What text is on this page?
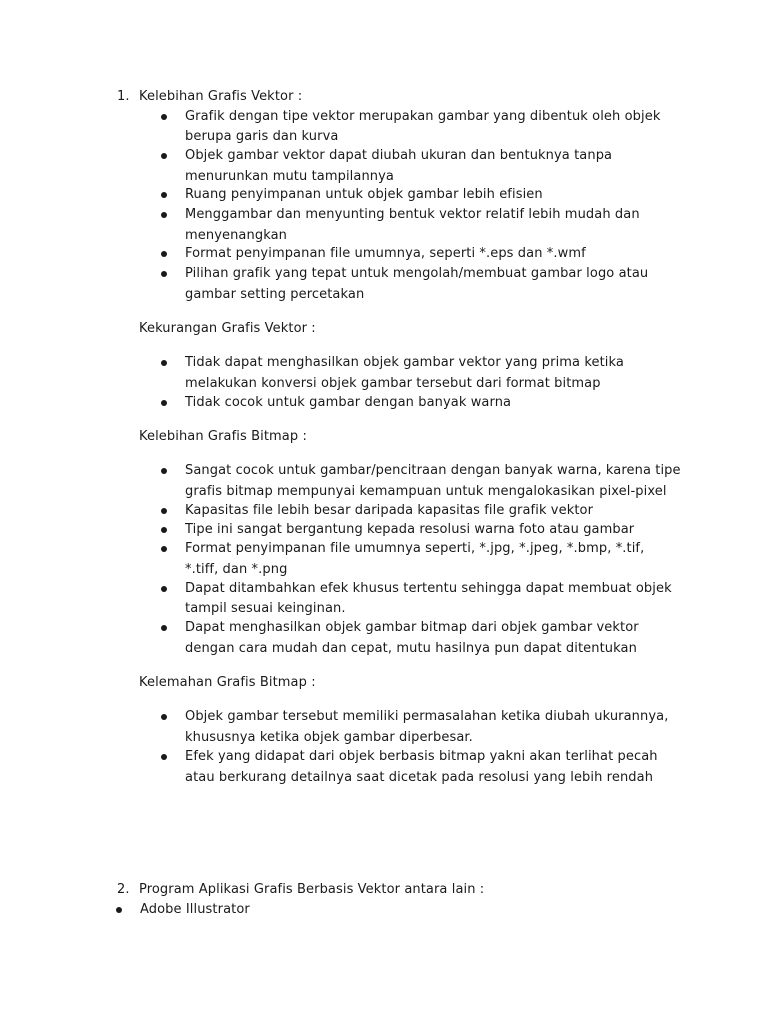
1. Kelebihan Grafis Vektor :
Grafik dengan tipe vektor merupakan gambar yang dibentuk oleh objek
berupa garis dan kurva
Objek gambar vektor dapat diubah ukuran dan bentuknya tanpa
menurunkan mutu tampilannya
Ruang penyimpanan untuk objek gambar lebih efisien
Menggambar dan menyunting bentuk vektor relatif lebih mudah dan
menyenangkan
Format penyimpanan file umumnya, seperti *.eps dan *.wmf
Pilihan grafik yang tepat untuk mengolah/membuat gambar logo atau
gambar setting percetakan
Kekurangan Grafis Vektor :
Tidak dapat menghasilkan objek gambar vektor yang prima ketika
melakukan konversi objek gambar tersebut dari format bitmap
Tidak cocok untuk gambar dengan banyak warna
Kelebihan Grafis Bitmap :
Sangat cocok untuk gambar/pencitraan dengan banyak warna, karena tipe
grafis bitmap mempunyai kemampuan untuk mengalokasikan pixel-pixel
Kapasitas file lebih besar daripada kapasitas file grafik vektor
Tipe ini sangat bergantung kepada resolusi warna foto atau gambar
Format penyimpanan file umumnya seperti, *.jpg, *.jpeg, *.bmp, *.tif,
*.tiff, dan *.png
Dapat ditambahkan efek khusus tertentu sehingga dapat membuat objek
tampil sesuai keinginan.
Dapat menghasilkan objek gambar bitmap dari objek gambar vektor
dengan cara mudah dan cepat, mutu hasilnya pun dapat ditentukan
Kelemahan Grafis Bitmap :
Objek gambar tersebut memiliki permasalahan ketika diubah ukurannya,
khususnya ketika objek gambar diperbesar.
Efek yang didapat dari objek berbasis bitmap yakni akan terlihat pecah
atau berkurang detailnya saat dicetak pada resolusi yang lebih rendah
2. Program Aplikasi Grafis Berbasis Vektor antara lain :
Adobe Illustrator
